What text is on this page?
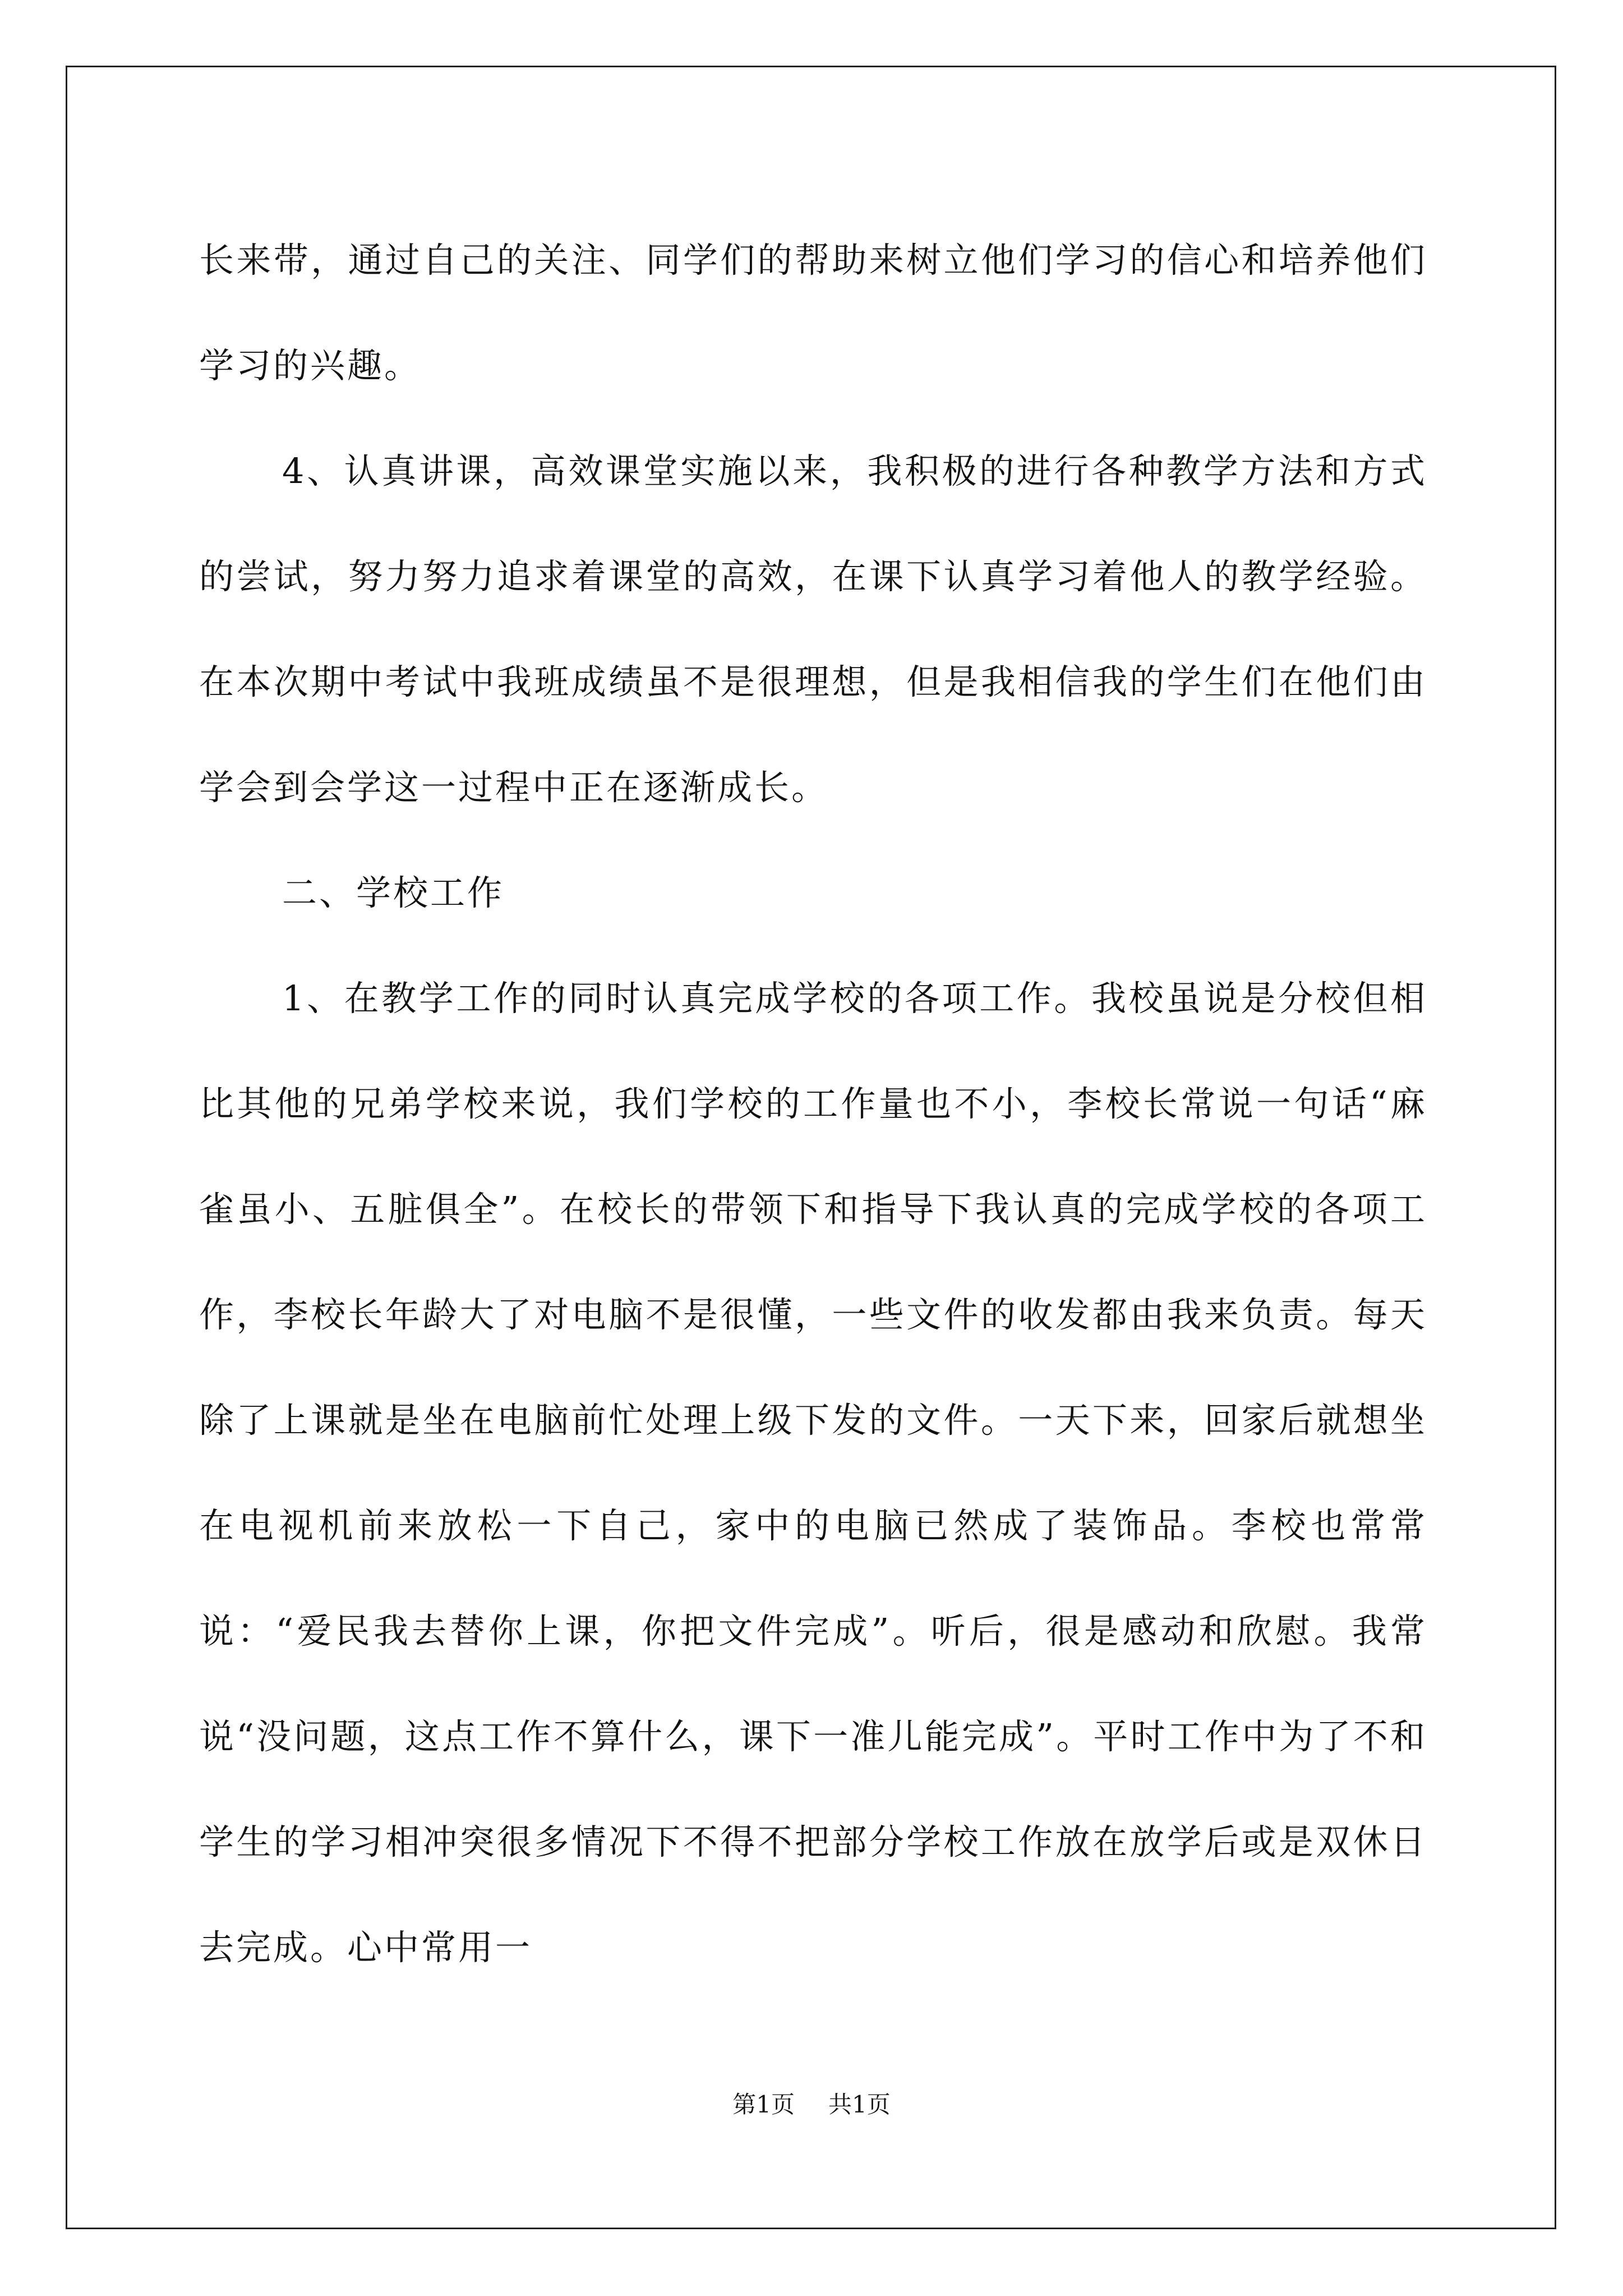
长来带，通过自己的关注、同学们的帮助来树立他们学习的信心和培养他们学习的兴趣。

4、认真讲课，高效课堂实施以来，我积极的进行各种教学方法和方式的尝试，努力努力追求着课堂的高效，在课下认真学习着他人的教学经验。在本次期中考试中我班成绩虽不是很理想，但是我相信我的学生们在他们由学会到会学这一过程中正在逐渐成长。

二、学校工作

1、在教学工作的同时认真完成学校的各项工作。我校虽说是分校但相比其他的兄弟学校来说，我们学校的工作量也不小，李校长常说一句话“麻雀虽小、五脏俱全”。在校长的带领下和指导下我认真的完成学校的各项工作，李校长年龄大了对电脑不是很懂，一些文件的收发都由我来负责。每天除了上课就是坐在电脑前忙处理上级下发的文件。一天下来，回家后就想坐在电视机前来放松一下自己，家中的电脑已然成了装饰品。李校也常常说：“爱民我去替你上课，你把文件完成”。听后，很是感动和欣慰。我常说“没问题，这点工作不算什么，课下一准儿能完成”。平时工作中为了不和学生的学习相冲突很多情况下不得不把部分学校工作放在放学后或是双休日去完成。心中常用一

第1页 共1页
